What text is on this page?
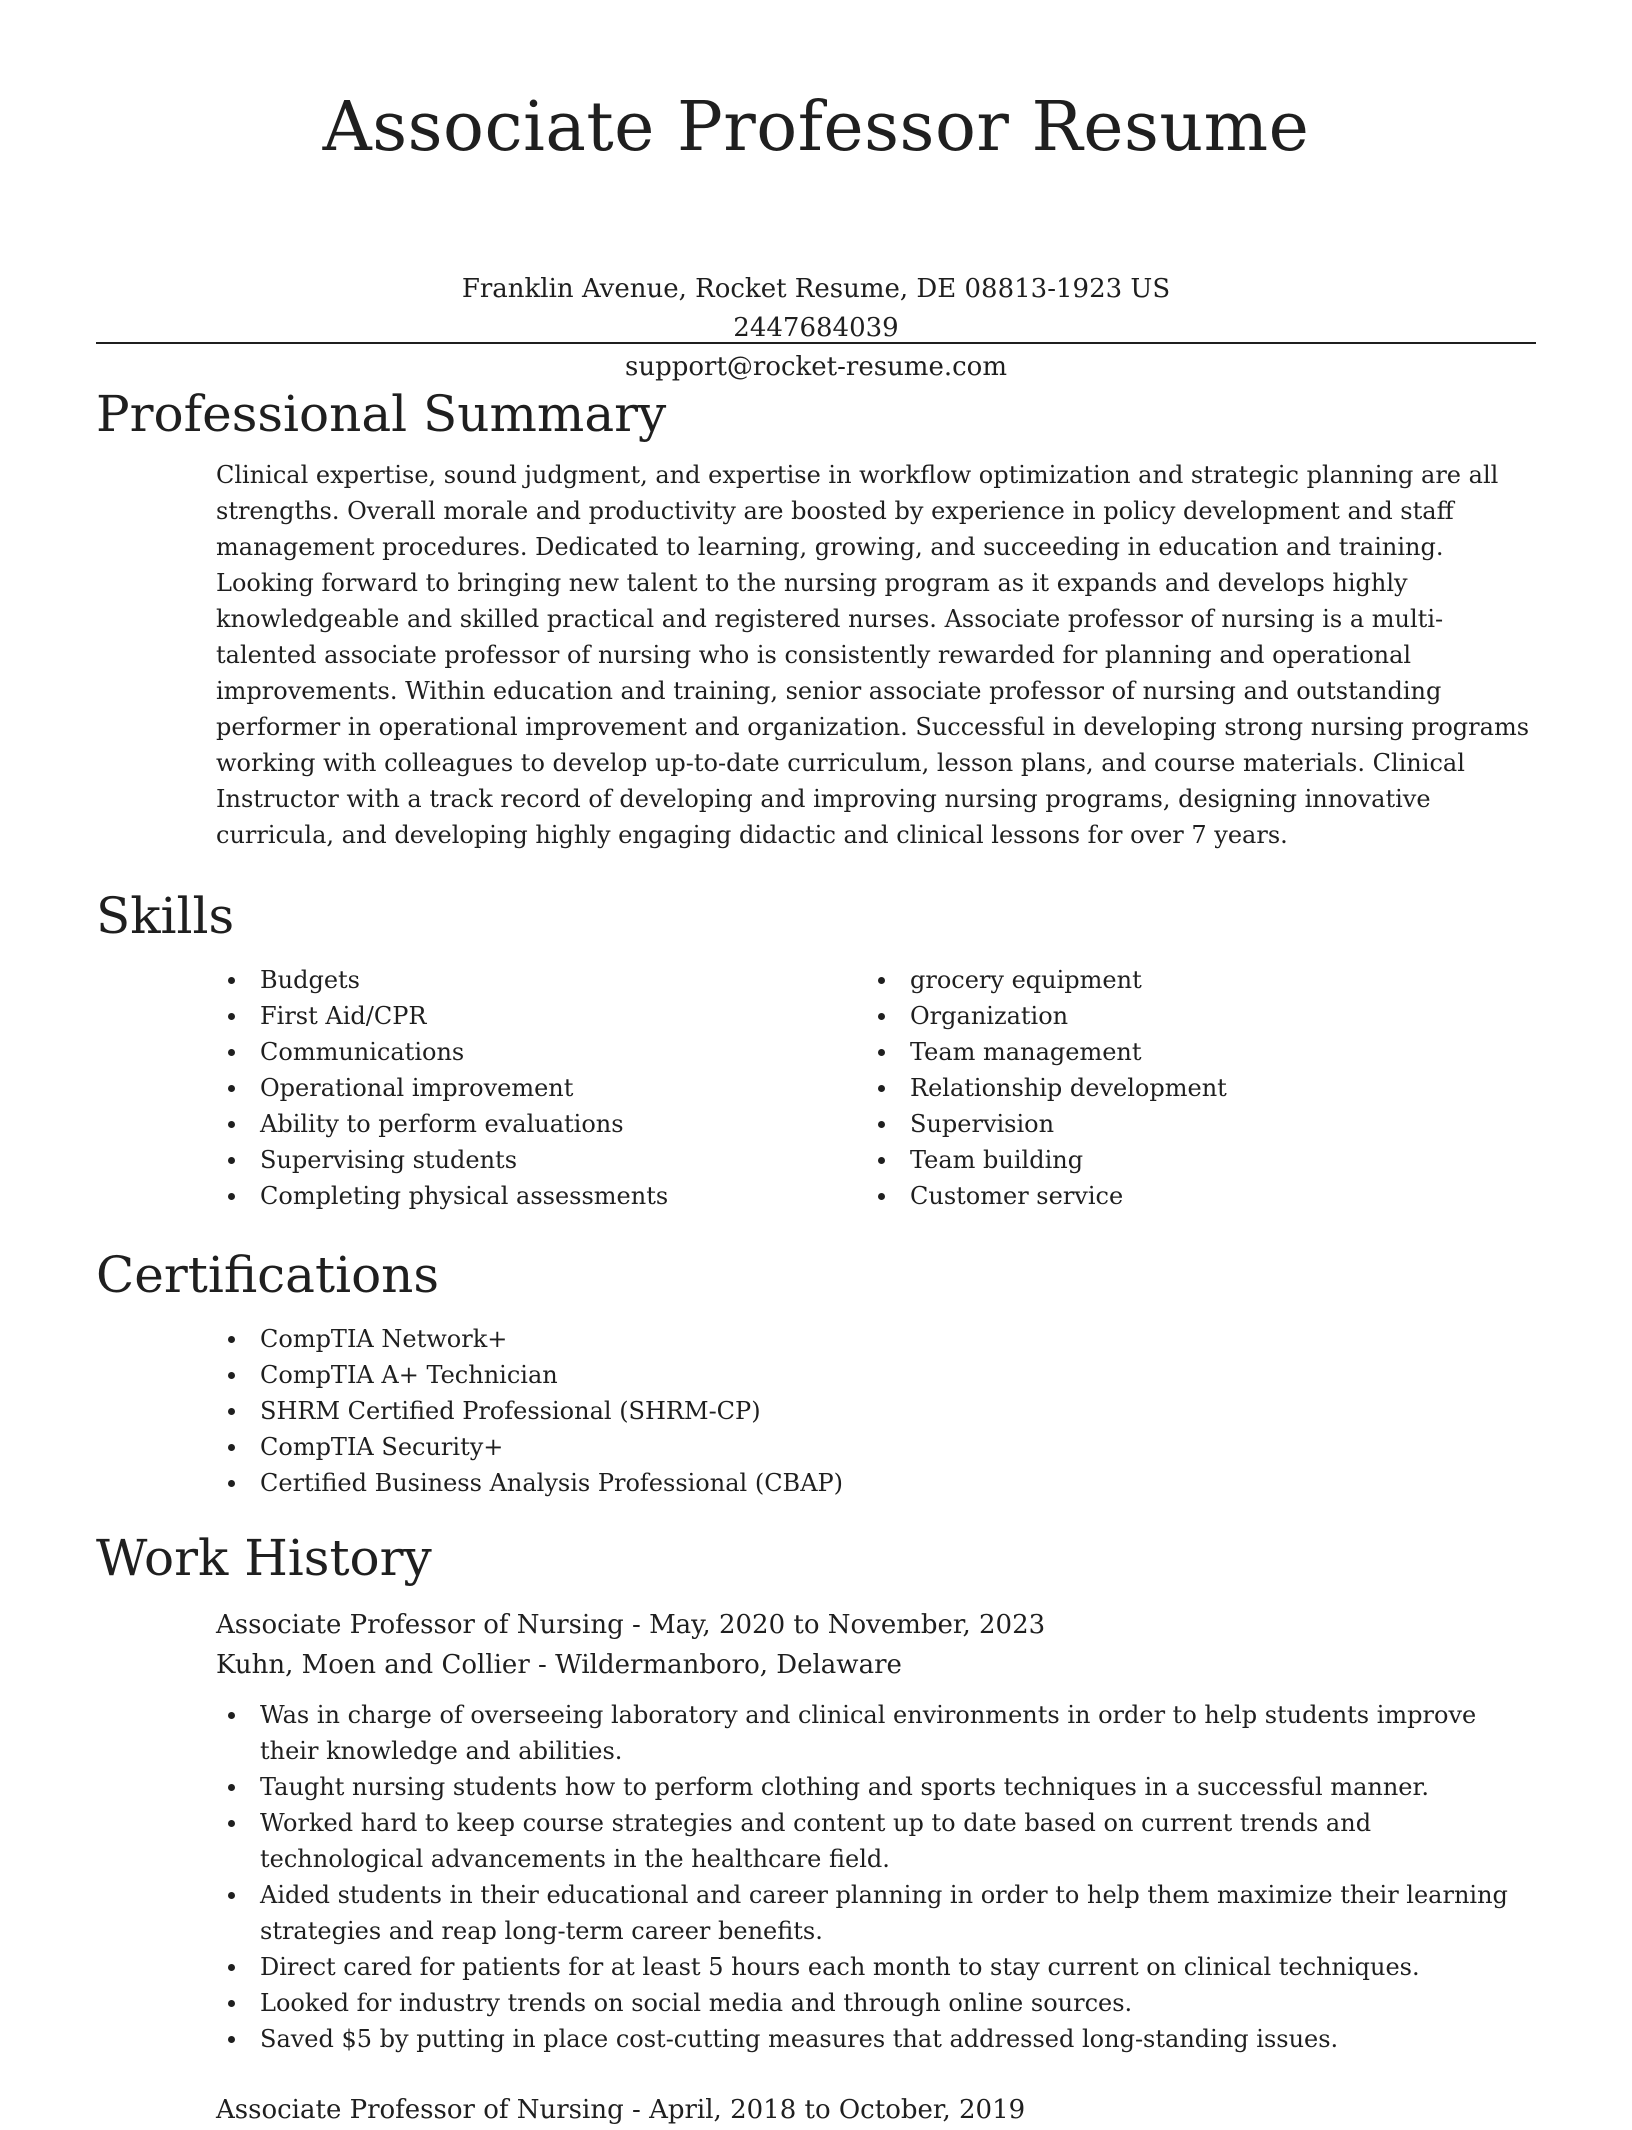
Associate Professor Resume
Franklin Avenue, Rocket Resume, DE 08813-1923 US
2447684039
support@rocket-resume.com
Professional Summary

Clinical expertise, sound judgment, and expertise in workflow optimization and strategic planning are all strengths. Overall morale and productivity are boosted by experience in policy development and staff management procedures. Dedicated to learning, growing, and succeeding in education and training. Looking forward to bringing new talent to the nursing program as it expands and develops highly knowledgeable and skilled practical and registered nurses. Associate professor of nursing is a multi-talented associate professor of nursing who is consistently rewarded for planning and operational improvements. Within education and training, senior associate professor of nursing and outstanding performer in operational improvement and organization. Successful in developing strong nursing programs working with colleagues to develop up-to-date curriculum, lesson plans, and course materials. Clinical Instructor with a track record of developing and improving nursing programs, designing innovative curricula, and developing highly engaging didactic and clinical lessons for over 7 years.

Skills
Budgets
First Aid/CPR
Communications
Operational improvement
Ability to perform evaluations
Supervising students
Completing physical assessments
grocery equipment
Organization
Team management
Relationship development
Supervision
Team building
Customer service
Certifications
CompTIA Network+
CompTIA A+ Technician
SHRM Certified Professional (SHRM-CP)
CompTIA Security+
Certified Business Analysis Professional (CBAP)
Work History
Associate Professor of Nursing - May, 2020 to November, 2023
Kuhn, Moen and Collier - Wildermanboro, Delaware
Was in charge of overseeing laboratory and clinical environments in order to help students improve their knowledge and abilities.
Taught nursing students how to perform clothing and sports techniques in a successful manner.
Worked hard to keep course strategies and content up to date based on current trends and technological advancements in the healthcare field.
Aided students in their educational and career planning in order to help them maximize their learning strategies and reap long-term career benefits.
Direct cared for patients for at least 5 hours each month to stay current on clinical techniques.
Looked for industry trends on social media and through online sources.
Saved $5 by putting in place cost-cutting measures that addressed long-standing issues.
Associate Professor of Nursing - April, 2018 to October, 2019
